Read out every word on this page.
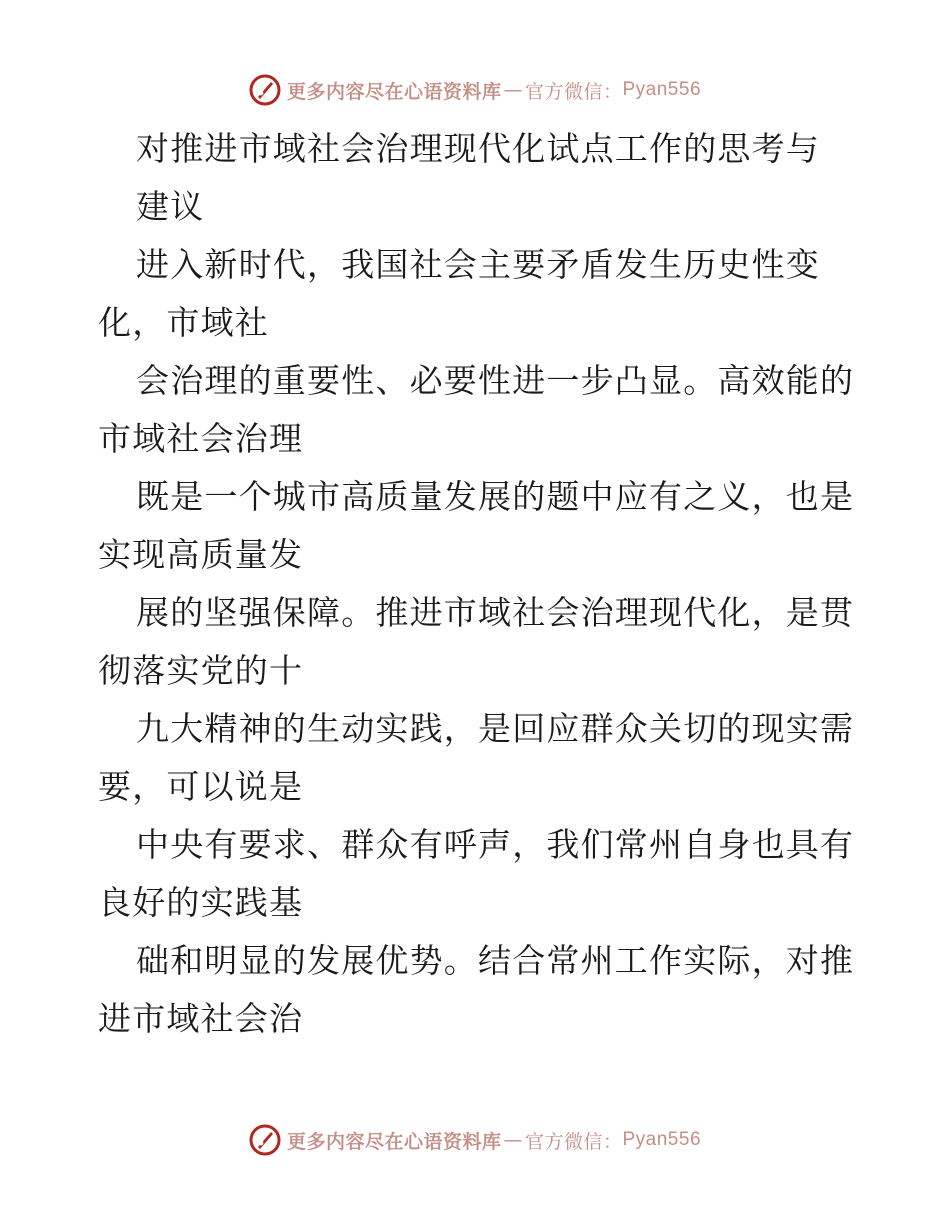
更多内容尽在心语资料库 — 官方微信： Pyan556
对推进市域社会治理现代化试点工作的思考与
建议
进入新时代，我国社会主要矛盾发生历史性变
化，市域社
会治理的重要性、必要性进一步凸显。高效能的
市域社会治理
既是一个城市高质量发展的题中应有之义，也是
实现高质量发
展的坚强保障。推进市域社会治理现代化，是贯
彻落实党的十
九大精神的生动实践，是回应群众关切的现实需
要，可以说是
中央有要求、群众有呼声，我们常州自身也具有
良好的实践基
础和明显的发展优势。结合常州工作实际，对推
进市域社会治
更多内容尽在心语资料库 — 官方微信： Pyan556
